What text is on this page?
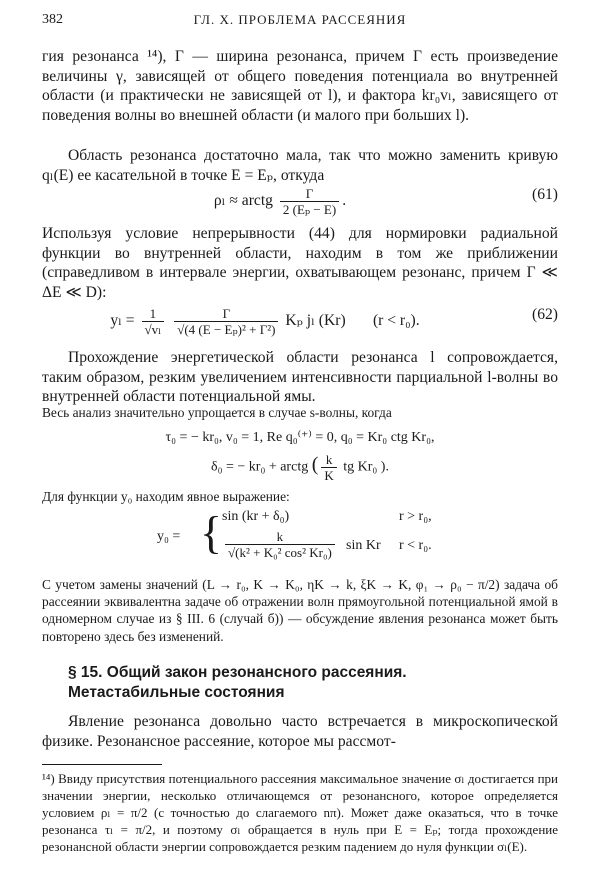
382	ГЛ. Х. ПРОБЛЕМА РАССЕЯНИЯ
гия резонанса ¹⁴), Γ — ширина резонанса, причем Γ есть произведение величины γ, зависящей от общего поведения потенциала во внутренней области (и практически не зависящей от l), и фактора kr₀vₗ, зависящего от поведения волны во внешней области (и малого при больших l).
Область резонанса достаточно мала, так что можно заменить кривую qₗ(E) ее касательной в точке E = Eₚ, откуда
ρₗ ≈ arctg $\frac{\Gamma}{\text{2 (Eₚ − E)}}$ .	(61)
Используя условие непрерывности (44) для нормировки радиальной функции во внутренней области, находим в том же приближении (справедливом в интервале энергии, охватывающем резонанс, причем Γ ≪ ΔE ≪ D):
$y_l = \frac{1}{\text{√vₗ}}$
$\frac{\Gamma}{\text{√(4 (E − Eₚ)² + Γ²)}}$ Kₚ jₗ (Kr) (r < r₀).	(62)
Прохождение энергетической области резонанса l сопровождается, таким образом, резким увеличением интенсивности парциальной l-волны во внутренней области потенциальной ямы.
Весь анализ значительно упрощается в случае s-волны, когда
τ₀ = − kr₀, v₀ = 1, Re q₀⁽⁺⁾ = 0, q₀ = Kr₀ ctg Kr₀,
δ₀ = − kr₀ + arctg ( $\frac{k}{K}$ tg Kr₀ ).
Для функции y₀ находим явное выражение:
y₀ = { sin (kr + δ₀)	r > r₀,
$\frac{k}{\text{√(k² + K₀² cos² Kr₀)}}$ sin Kr r < r₀.
С учетом замены значений (L → r₀, K → K₀, ηK → k, ξK → K, φ₁ → ρ₀ − π/2) задача об рассеянии эквивалентна задаче об отражении волн прямоугольной потенциальной ямой в одномерном случае из § III. 6 (случай б)) — обсуждение явления резонанса может быть повторено здесь без изменений.
§ 15. Общий закон резонансного рассеяния.
Метастабильные состояния
Явление резонанса довольно часто встречается в микроскопической физике. Резонансное рассеяние, которое мы рассмот-
¹⁴) Ввиду присутствия потенциального рассеяния максимальное значение σₗ достигается при значении энергии, несколько отличающемся от резонансного, которое определяется условием ρₗ = π/2 (с точностью до слагаемого nπ). Может даже оказаться, что в точке резонанса τₗ = π/2, и поэтому σₗ обращается в нуль при E = Eₚ; тогда прохождение резонансной области энергии сопровождается резким падением до нуля функции σₗ(E).
